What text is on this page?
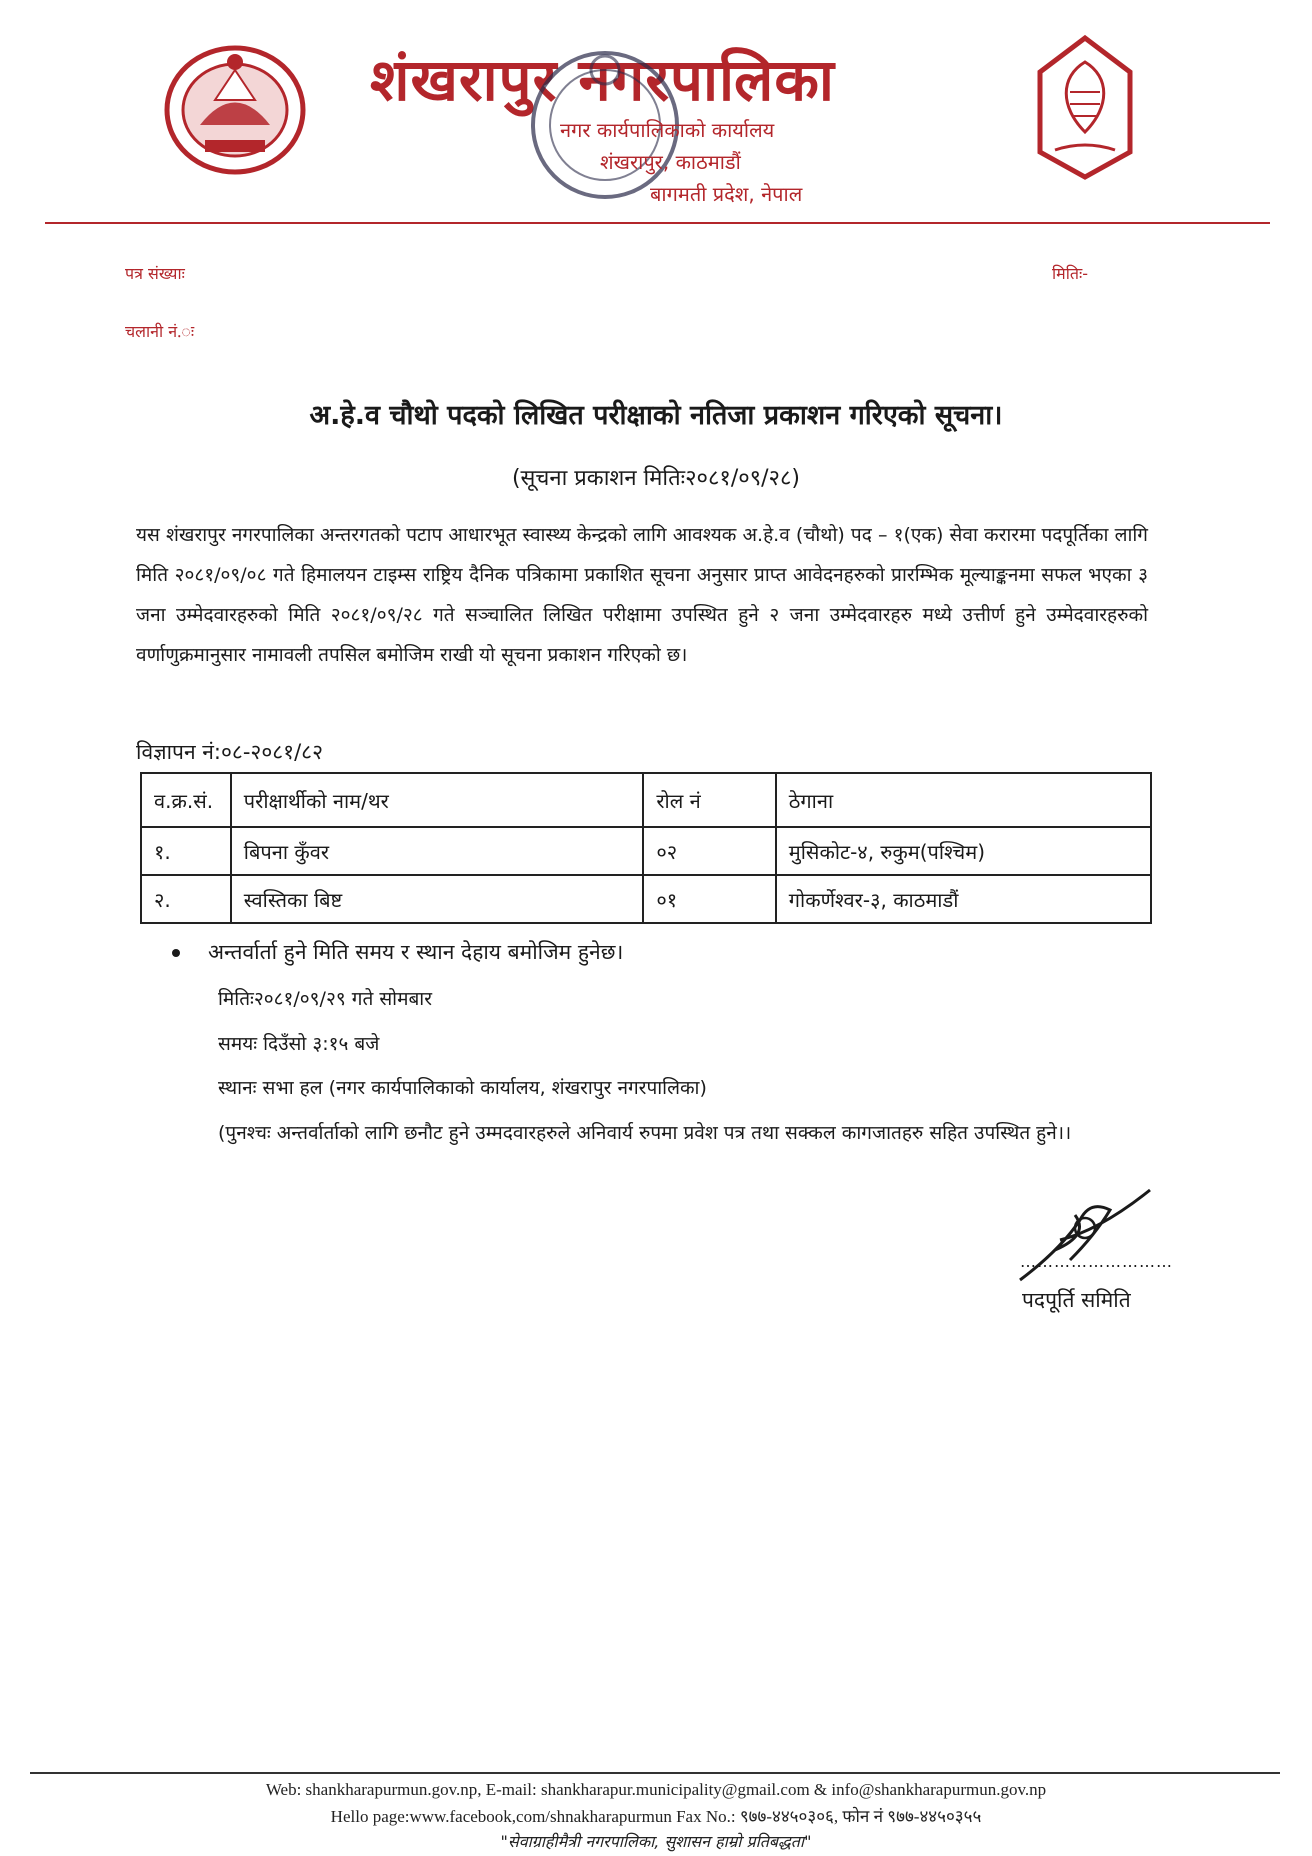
शंखरापुर नगरपालिका
नगर कार्यपालिकाको कार्यालय
शंखरापुर, काठमाडौं
बागमती प्रदेश, नेपाल
पत्र संख्याः	मितिः-
चलानी नं.ः
अ.हे.व चौथो पदको लिखित परीक्षाको नतिजा प्रकाशन गरिएको सूचना।
(सूचना प्रकाशन मितिः२०८१/०९/२८)
यस शंखरापुर नगरपालिका अन्तरगतको पटाप आधारभूत स्वास्थ्य केन्द्रको लागि आवश्यक अ.हे.व (चौथो) पद – १(एक) सेवा करारमा पदपूर्तिका लागि मिति २०८१/०९/०८ गते हिमालयन टाइम्स राष्ट्रिय दैनिक पत्रिकामा प्रकाशित सूचना अनुसार प्राप्त आवेदनहरुको प्रारम्भिक मूल्याङ्कनमा सफल भएका ३ जना उम्मेदवारहरुको मिति २०८१/०९/२८ गते सञ्चालित लिखित परीक्षामा उपस्थित हुने २ जना उम्मेदवारहरु मध्ये उत्तीर्ण हुने उम्मेदवारहरुको वर्णाणुक्रमानुसार नामावली तपसिल बमोजिम राखी यो सूचना प्रकाशन गरिएको छ।
विज्ञापन नं:०८-२०८१/८२
व.क्र.सं.	परीक्षार्थीको नाम/थर	रोल नं	ठेगाना
१.	बिपना कुँवर	०२	मुसिकोट-४, रुकुम(पश्चिम)
२.	स्वस्तिका बिष्ट	०१	गोकर्णेश्वर-३, काठमाडौं
अन्तर्वार्ता हुने मिति समय र स्थान देहाय बमोजिम हुनेछ।
मितिः२०८१/०९/२९ गते सोमबार
समयः दिउँसो ३:१५ बजे
स्थानः सभा हल (नगर कार्यपालिकाको कार्यालय, शंखरापुर नगरपालिका)
(पुनश्चः अन्तर्वार्ताको लागि छनौट हुने उम्मदवारहरुले अनिवार्य रुपमा प्रवेश पत्र तथा सक्कल कागजातहरु सहित उपस्थित हुने।।
………………………
पदपूर्ति समिति
Web: shankharapurmun.gov.np, E-mail: shankharapur.municipality@gmail.com & info@shankharapurmun.gov.np
Hello page:www.facebook,com/shnakharapurmun Fax No.: ९७७-४४५०३०६, फोन नं ९७७-४४५०३५५
"सेवाग्राहीमैत्री नगरपालिका, सुशासन हाम्रो प्रतिबद्धता"
